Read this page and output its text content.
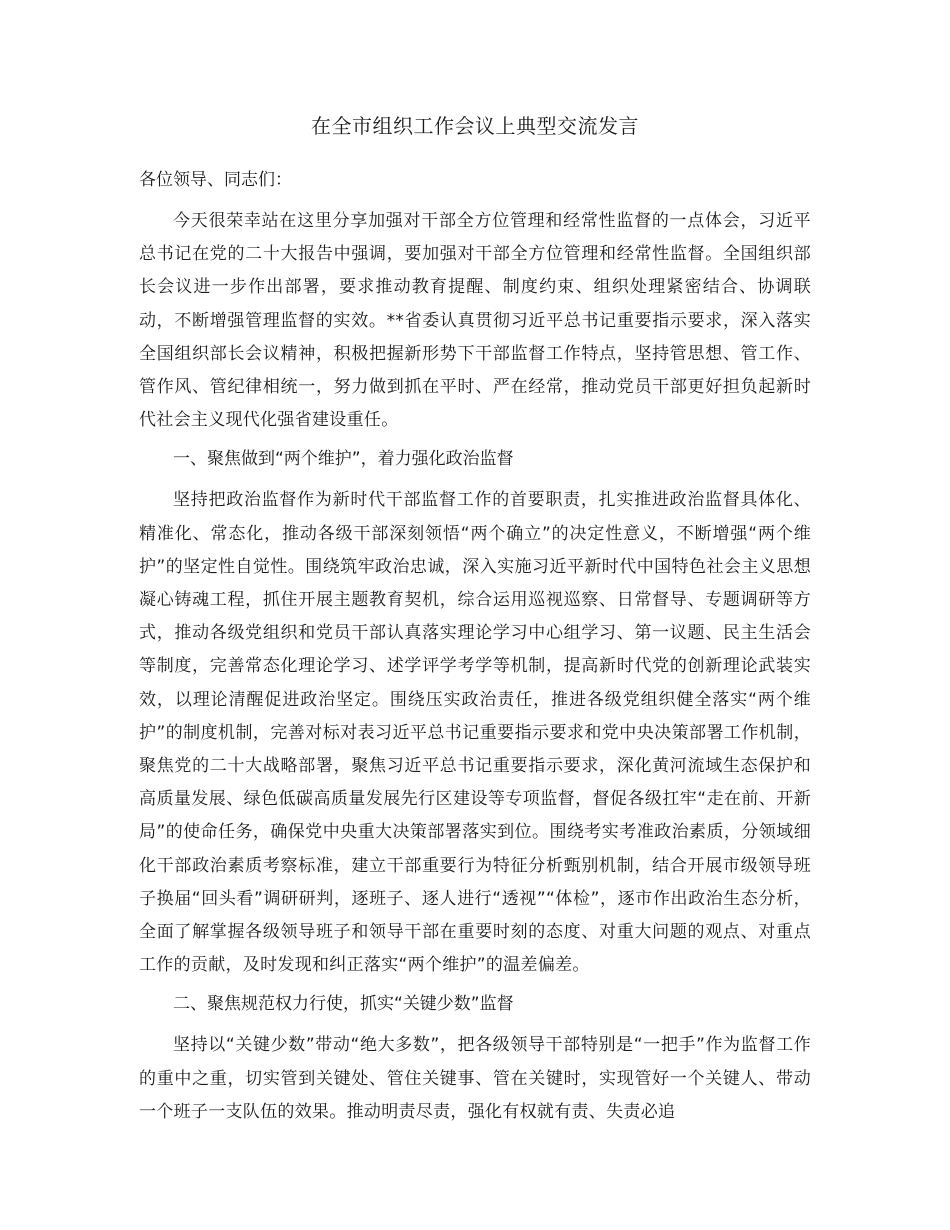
在全市组织工作会议上典型交流发言

各位领导、同志们：

今天很荣幸站在这里分享加强对干部全方位管理和经常性监督的一点体会，习近平总书记在党的二十大报告中强调，要加强对干部全方位管理和经常性监督。全国组织部长会议进一步作出部署，要求推动教育提醒、制度约束、组织处理紧密结合、协调联动，不断增强管理监督的实效。**省委认真贯彻习近平总书记重要指示要求，深入落实全国组织部长会议精神，积极把握新形势下干部监督工作特点，坚持管思想、管工作、管作风、管纪律相统一，努力做到抓在平时、严在经常，推动党员干部更好担负起新时代社会主义现代化强省建设重任。

一、聚焦做到“两个维护”，着力强化政治监督

坚持把政治监督作为新时代干部监督工作的首要职责，扎实推进政治监督具体化、精准化、常态化，推动各级干部深刻领悟“两个确立”的决定性意义，不断增强“两个维护”的坚定性自觉性。围绕筑牢政治忠诚，深入实施习近平新时代中国特色社会主义思想凝心铸魂工程，抓住开展主题教育契机，综合运用巡视巡察、日常督导、专题调研等方式，推动各级党组织和党员干部认真落实理论学习中心组学习、第一议题、民主生活会等制度，完善常态化理论学习、述学评学考学等机制，提高新时代党的创新理论武装实效，以理论清醒促进政治坚定。围绕压实政治责任，推进各级党组织健全落实“两个维护”的制度机制，完善对标对表习近平总书记重要指示要求和党中央决策部署工作机制，聚焦党的二十大战略部署，聚焦习近平总书记重要指示要求，深化黄河流域生态保护和高质量发展、绿色低碳高质量发展先行区建设等专项监督，督促各级扛牢“走在前、开新局”的使命任务，确保党中央重大决策部署落实到位。围绕考实考准政治素质，分领域细化干部政治素质考察标准，建立干部重要行为特征分析甄别机制，结合开展市级领导班子换届“回头看”调研研判，逐班子、逐人进行“透视”“体检”，逐市作出政治生态分析，全面了解掌握各级领导班子和领导干部在重要时刻的态度、对重大问题的观点、对重点工作的贡献，及时发现和纠正落实“两个维护”的温差偏差。

二、聚焦规范权力行使，抓实“关键少数”监督

坚持以“关键少数”带动“绝大多数”，把各级领导干部特别是“一把手”作为监督工作的重中之重，切实管到关键处、管住关键事、管在关键时，实现管好一个关键人、带动一个班子一支队伍的效果。推动明责尽责，强化有权就有责、失责必追
